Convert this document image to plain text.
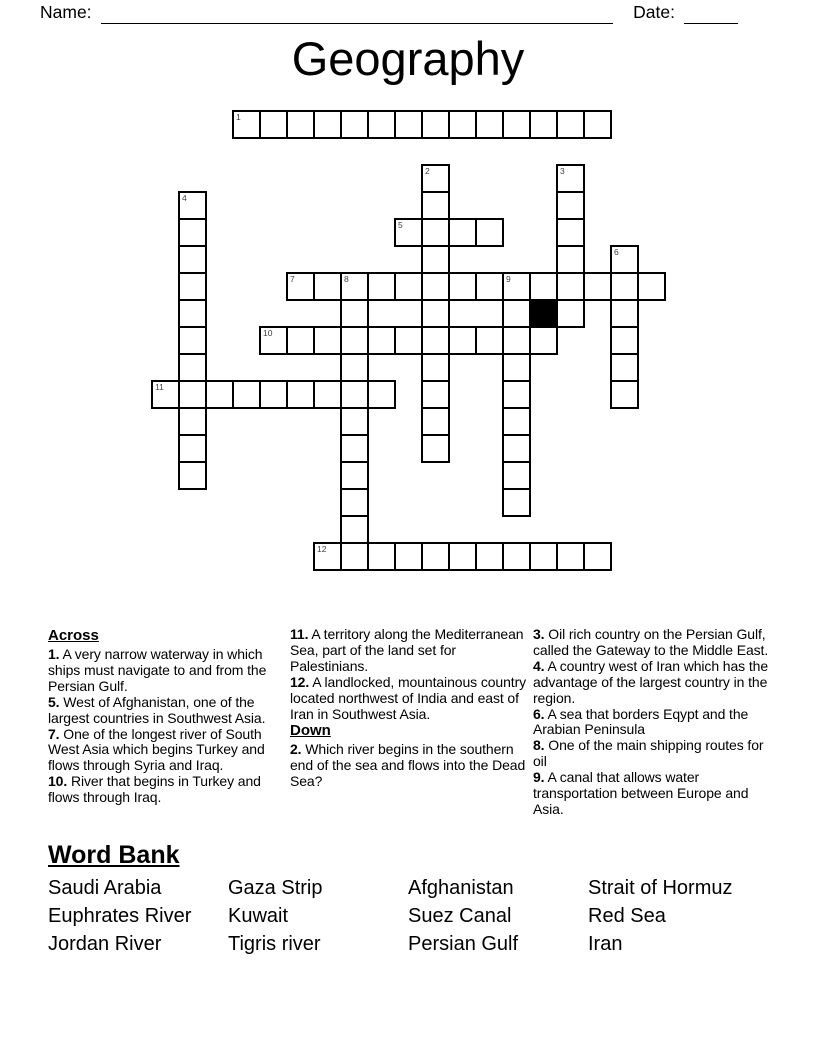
Name:	Date:
Geography
1
5
7	8	9
10
11
12
2	3
4
6
Across

1. A very narrow waterway in which ships must navigate to and from the Persian Gulf.

5. West of Afghanistan, one of the largest countries in Southwest Asia.

7. One of the longest river of South West Asia which begins Turkey and flows through Syria and Iraq.

10. River that begins in Turkey and flows through Iraq.

11. A territory along the Mediterranean Sea, part of the land set for Palestinians.

12. A landlocked, mountainous country located northwest of India and east of Iran in Southwest Asia.

Down

2. Which river begins in the southern end of the sea and flows into the Dead Sea?

3. Oil rich country on the Persian Gulf, called the Gateway to the Middle East.

4. A country west of Iran which has the advantage of the largest country in the region.

6. A sea that borders Eqypt and the Arabian Peninsula

8. One of the main shipping routes for oil

9. A canal that allows water transportation between Europe and Asia.

Word Bank
Saudi Arabia
Euphrates River
Jordan River
Gaza Strip
Kuwait
Tigris river
Afghanistan
Suez Canal
Persian Gulf
Strait of Hormuz
Red Sea
Iran
